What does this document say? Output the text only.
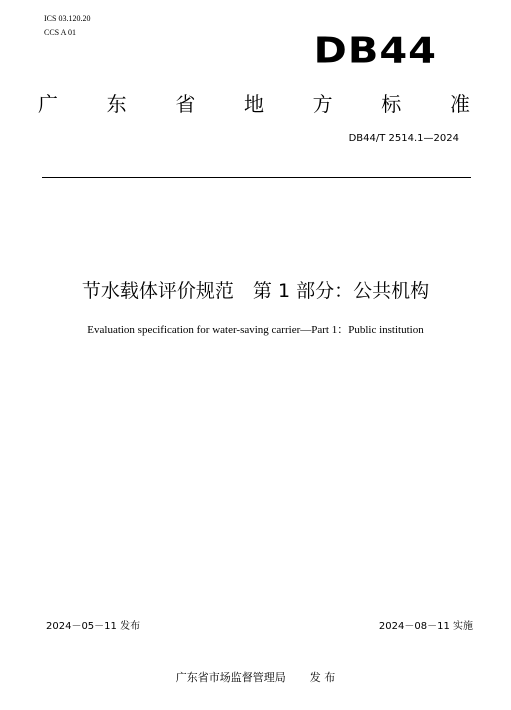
ICS 03.120.20
CCS A 01	DB44
广 东 省 地 方 标 准
DB44/T 2514.1—2024
节水载体评价规范　第 1 部分：公共机构
Evaluation specification for water-saving carrier—Part 1：Public institution
2024－05－11 发布	2024－08－11 实施
广东省市场监督管理局 发 布
